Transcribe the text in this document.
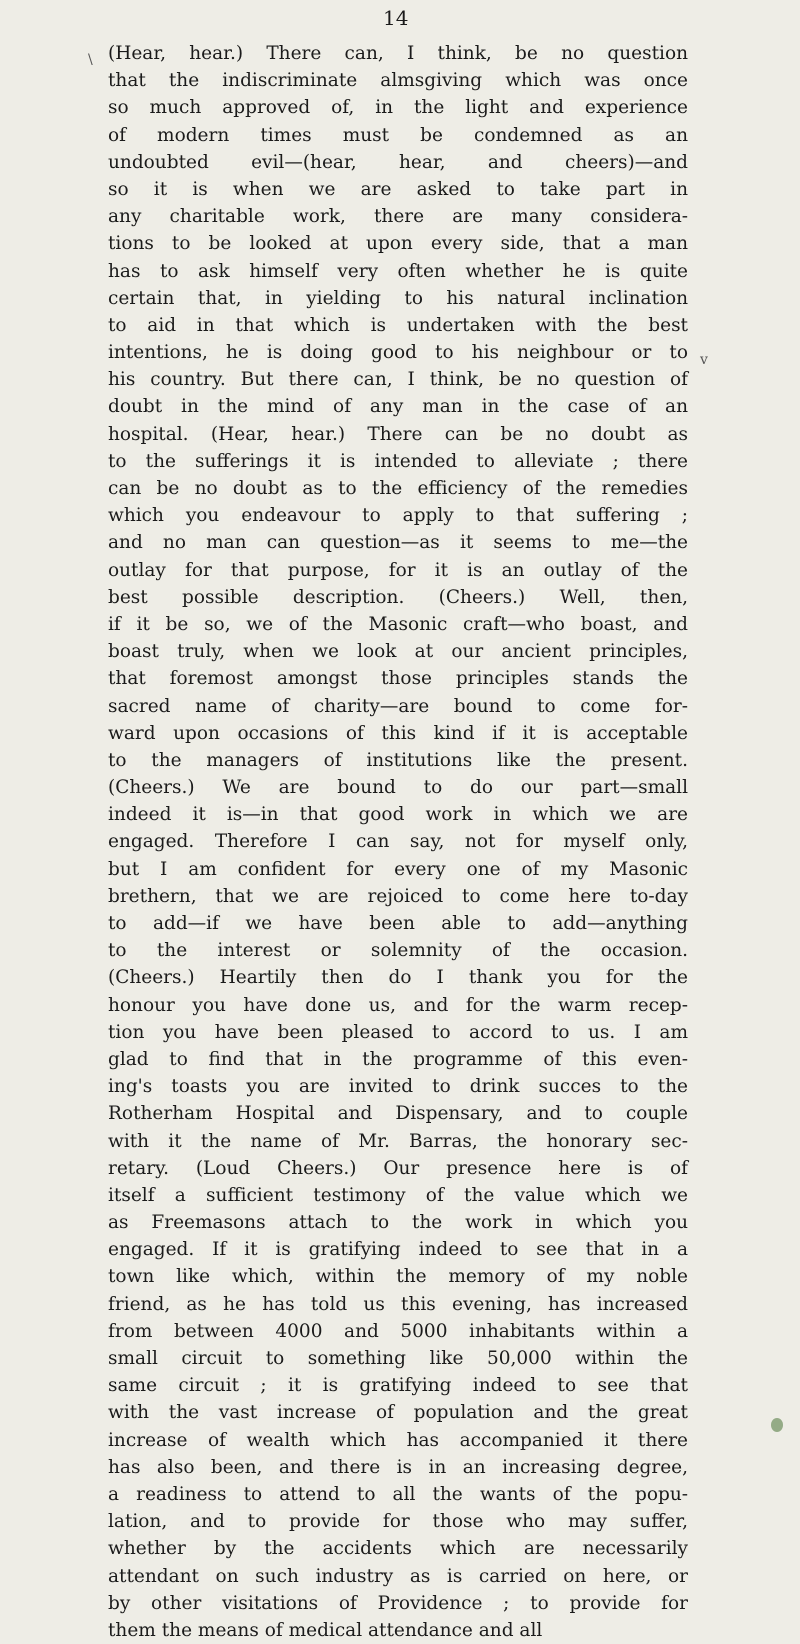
14
\
v
(Hear, hear.) There can, I think, be no question
that the indiscriminate almsgiving which was once
so much approved of, in the light and experience
of modern times must be condemned as an
undoubted evil—(hear, hear, and cheers)—and
so it is when we are asked to take part in
any charitable work, there are many considera-
tions to be looked at upon every side, that a man
has to ask himself very often whether he is quite
certain that, in yielding to his natural inclination
to aid in that which is undertaken with the best
intentions, he is doing good to his neighbour or to
his country. But there can, I think, be no question of
doubt in the mind of any man in the case of an
hospital. (Hear, hear.) There can be no doubt as
to the sufferings it is intended to alleviate ; there
can be no doubt as to the efficiency of the remedies
which you endeavour to apply to that suffering ;
and no man can question—as it seems to me—the
outlay for that purpose, for it is an outlay of the
best possible description. (Cheers.) Well, then,
if it be so, we of the Masonic craft—who boast, and
boast truly, when we look at our ancient principles,
that foremost amongst those principles stands the
sacred name of charity—are bound to come for-
ward upon occasions of this kind if it is acceptable
to the managers of institutions like the present.
(Cheers.) We are bound to do our part—small
indeed it is—in that good work in which we are
engaged. Therefore I can say, not for myself only,
but I am confident for every one of my Masonic
brethern, that we are rejoiced to come here to-day
to add—if we have been able to add—anything
to the interest or solemnity of the occasion.
(Cheers.) Heartily then do I thank you for the
honour you have done us, and for the warm recep-
tion you have been pleased to accord to us. I am
glad to find that in the programme of this even-
ing's toasts you are invited to drink succes to the
Rotherham Hospital and Dispensary, and to couple
with it the name of Mr. Barras, the honorary sec-
retary. (Loud Cheers.) Our presence here is of
itself a sufficient testimony of the value which we
as Freemasons attach to the work in which you
engaged. If it is gratifying indeed to see that in a
town like which, within the memory of my noble
friend, as he has told us this evening, has increased
from between 4000 and 5000 inhabitants within a
small circuit to something like 50,000 within the
same circuit ; it is gratifying indeed to see that
with the vast increase of population and the great
increase of wealth which has accompanied it there
has also been, and there is in an increasing degree,
a readiness to attend to all the wants of the popu-
lation, and to provide for those who may suffer,
whether by the accidents which are necessarily
attendant on such industry as is carried on here, or
by other visitations of Providence ; to provide for
them the means of medical attendance and all
